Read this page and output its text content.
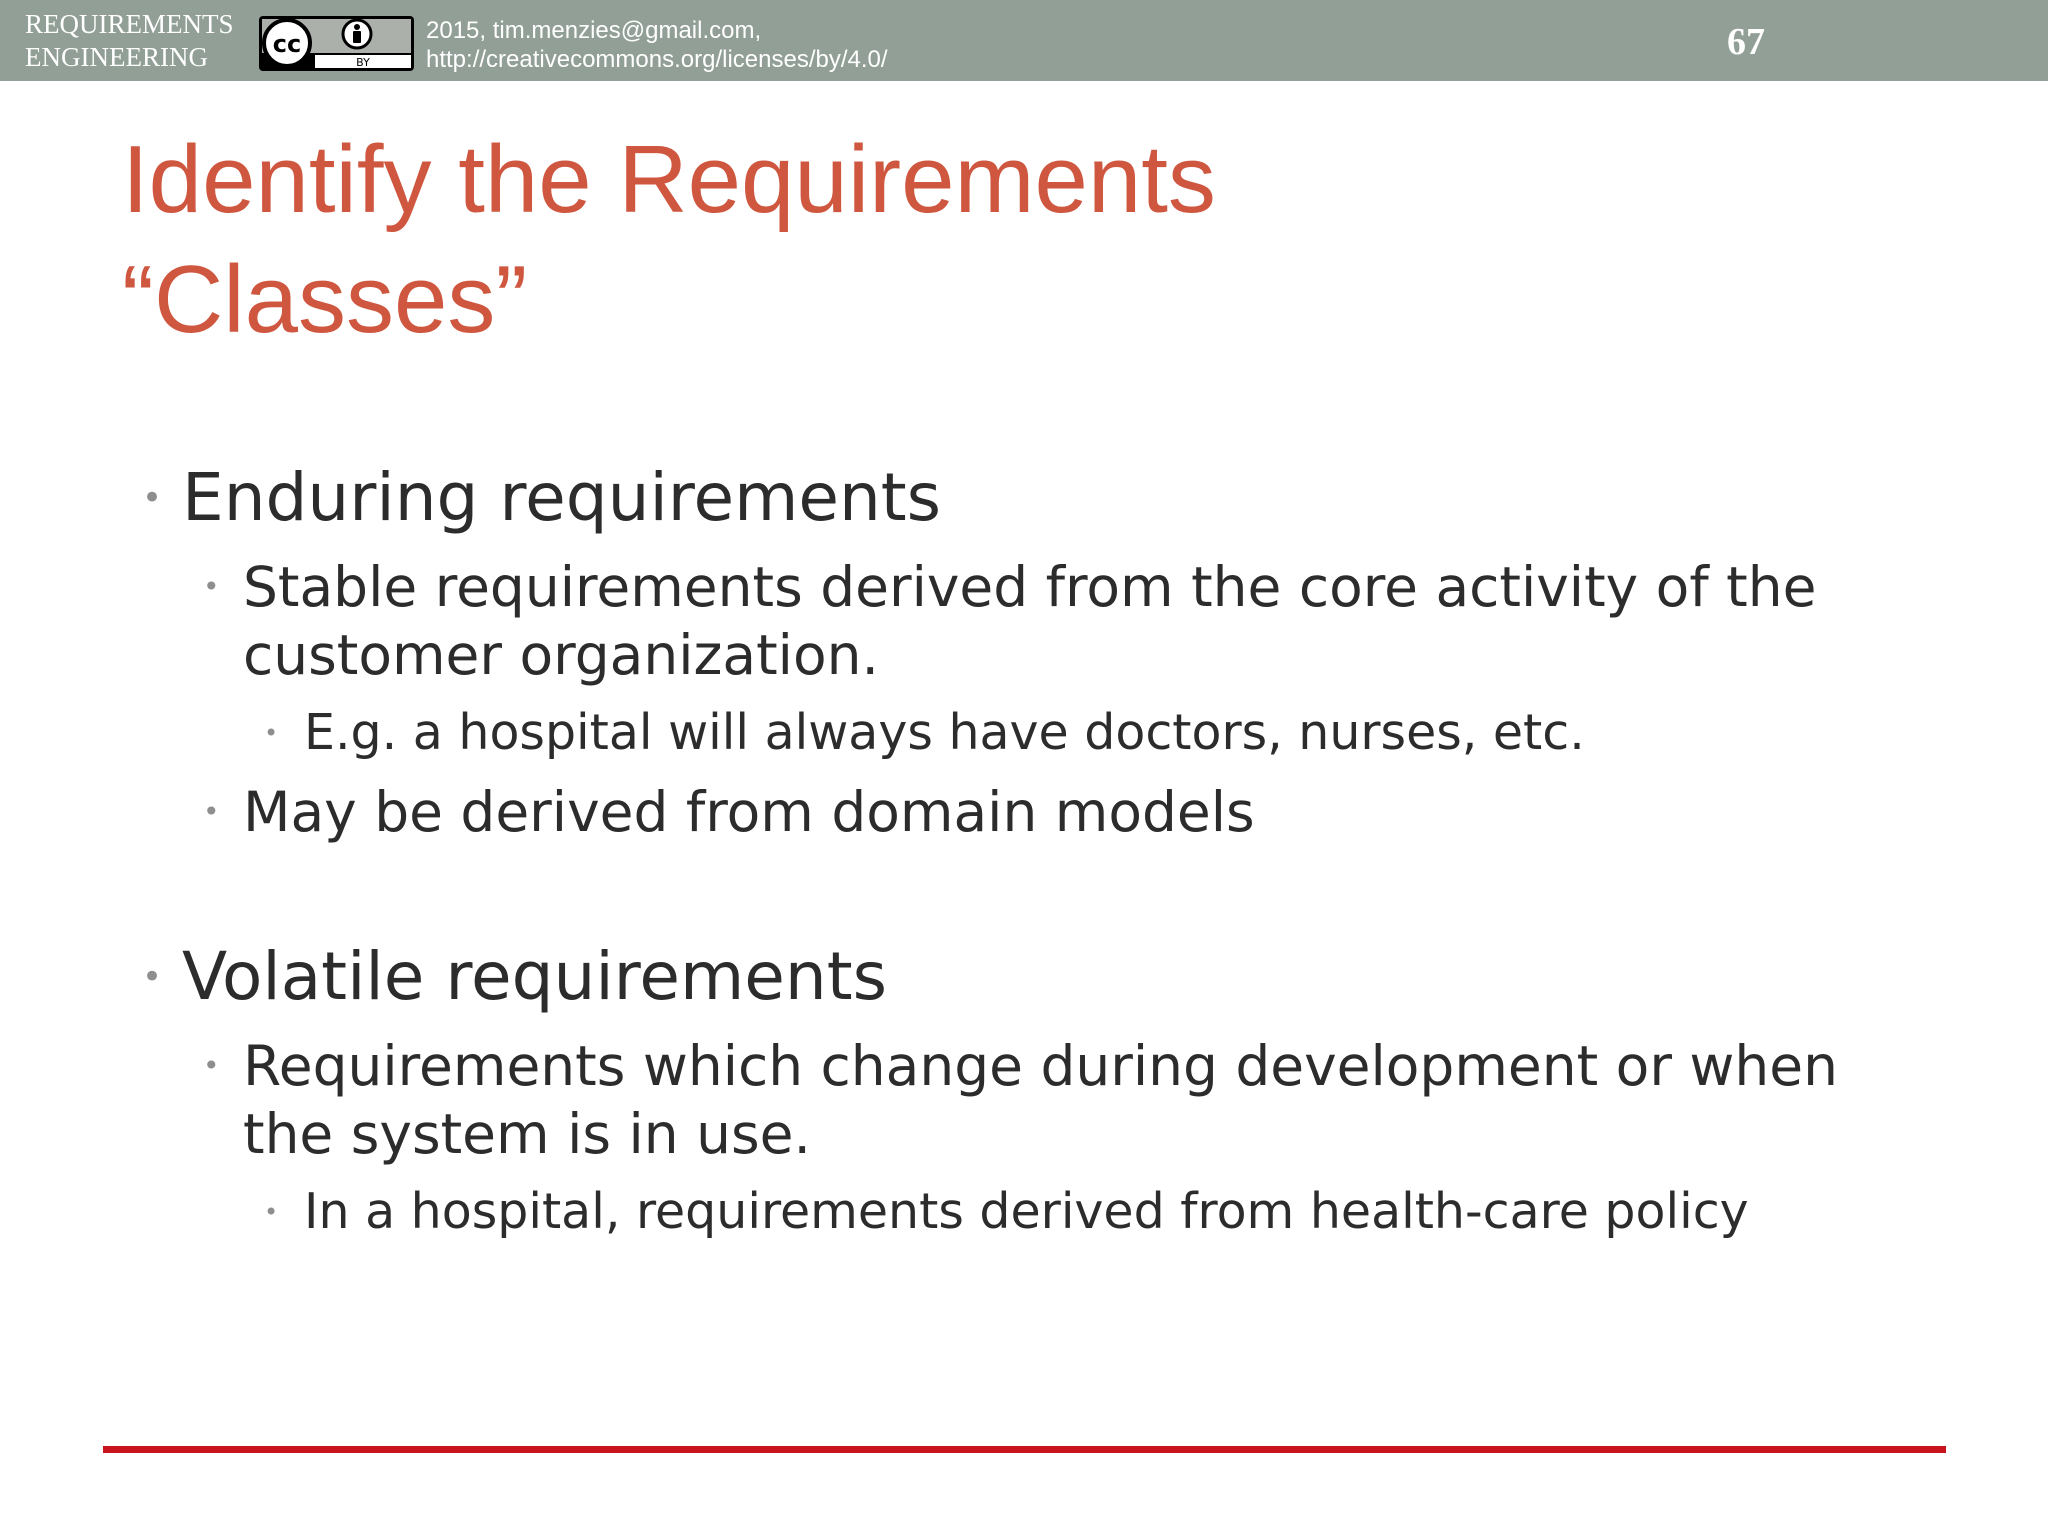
REQUIREMENTS
ENGINEERING	cc
BY
2015, tim.menzies@gmail.com,
http://creativecommons.org/licenses/by/4.0/	67
Identify the Requirements
“Classes”
• Enduring requirements
• Stable requirements derived from the core activity of the
customer organization.
• E.g. a hospital will always have doctors, nurses, etc.
• May be derived from domain models
• Volatile requirements
• Requirements which change during development or when
the system is in use.
• In a hospital, requirements derived from health-care policy
